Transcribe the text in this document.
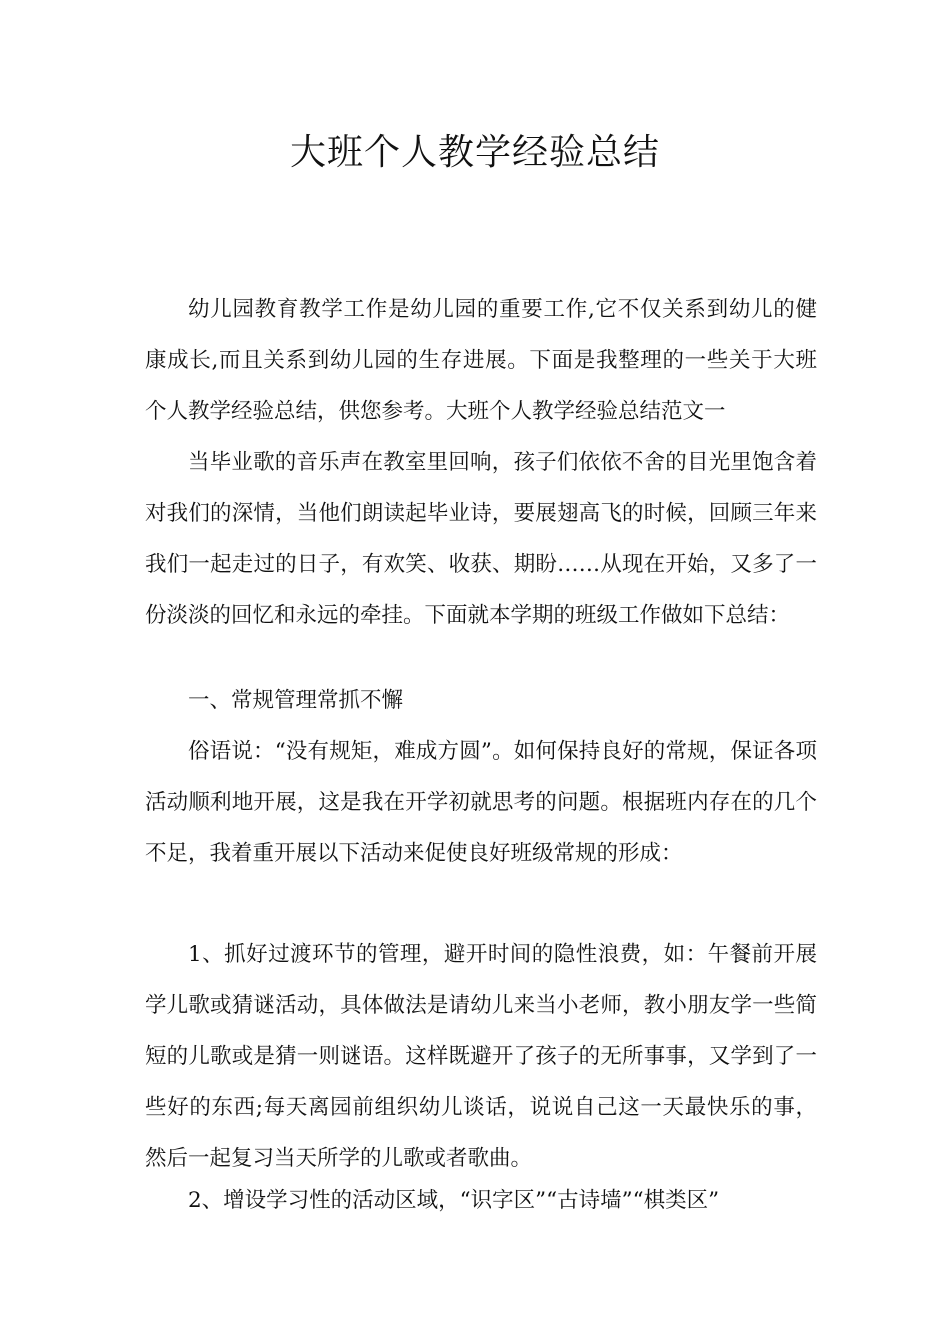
大班个人教学经验总结

幼儿园教育教学工作是幼儿园的重要工作,它不仅关系到幼儿的健康成长,而且关系到幼儿园的生存进展。下面是我整理的一些关于大班个人教学经验总结，供您参考。大班个人教学经验总结范文一

当毕业歌的音乐声在教室里回响，孩子们依依不舍的目光里饱含着对我们的深情，当他们朗读起毕业诗，要展翅高飞的时候，回顾三年来我们一起走过的日子，有欢笑、收获、期盼……从现在开始，又多了一份淡淡的回忆和永远的牵挂。下面就本学期的班级工作做如下总结：

一、常规管理常抓不懈

俗语说：“没有规矩，难成方圆”。如何保持良好的常规，保证各项活动顺利地开展，这是我在开学初就思考的问题。根据班内存在的几个不足，我着重开展以下活动来促使良好班级常规的形成：

1、抓好过渡环节的管理，避开时间的隐性浪费，如：午餐前开展学儿歌或猜谜活动，具体做法是请幼儿来当小老师，教小朋友学一些简短的儿歌或是猜一则谜语。这样既避开了孩子的无所事事，又学到了一些好的东西;每天离园前组织幼儿谈话，说说自己这一天最快乐的事，然后一起复习当天所学的儿歌或者歌曲。

2、增设学习性的活动区域，“识字区”“古诗墙”“棋类区”
